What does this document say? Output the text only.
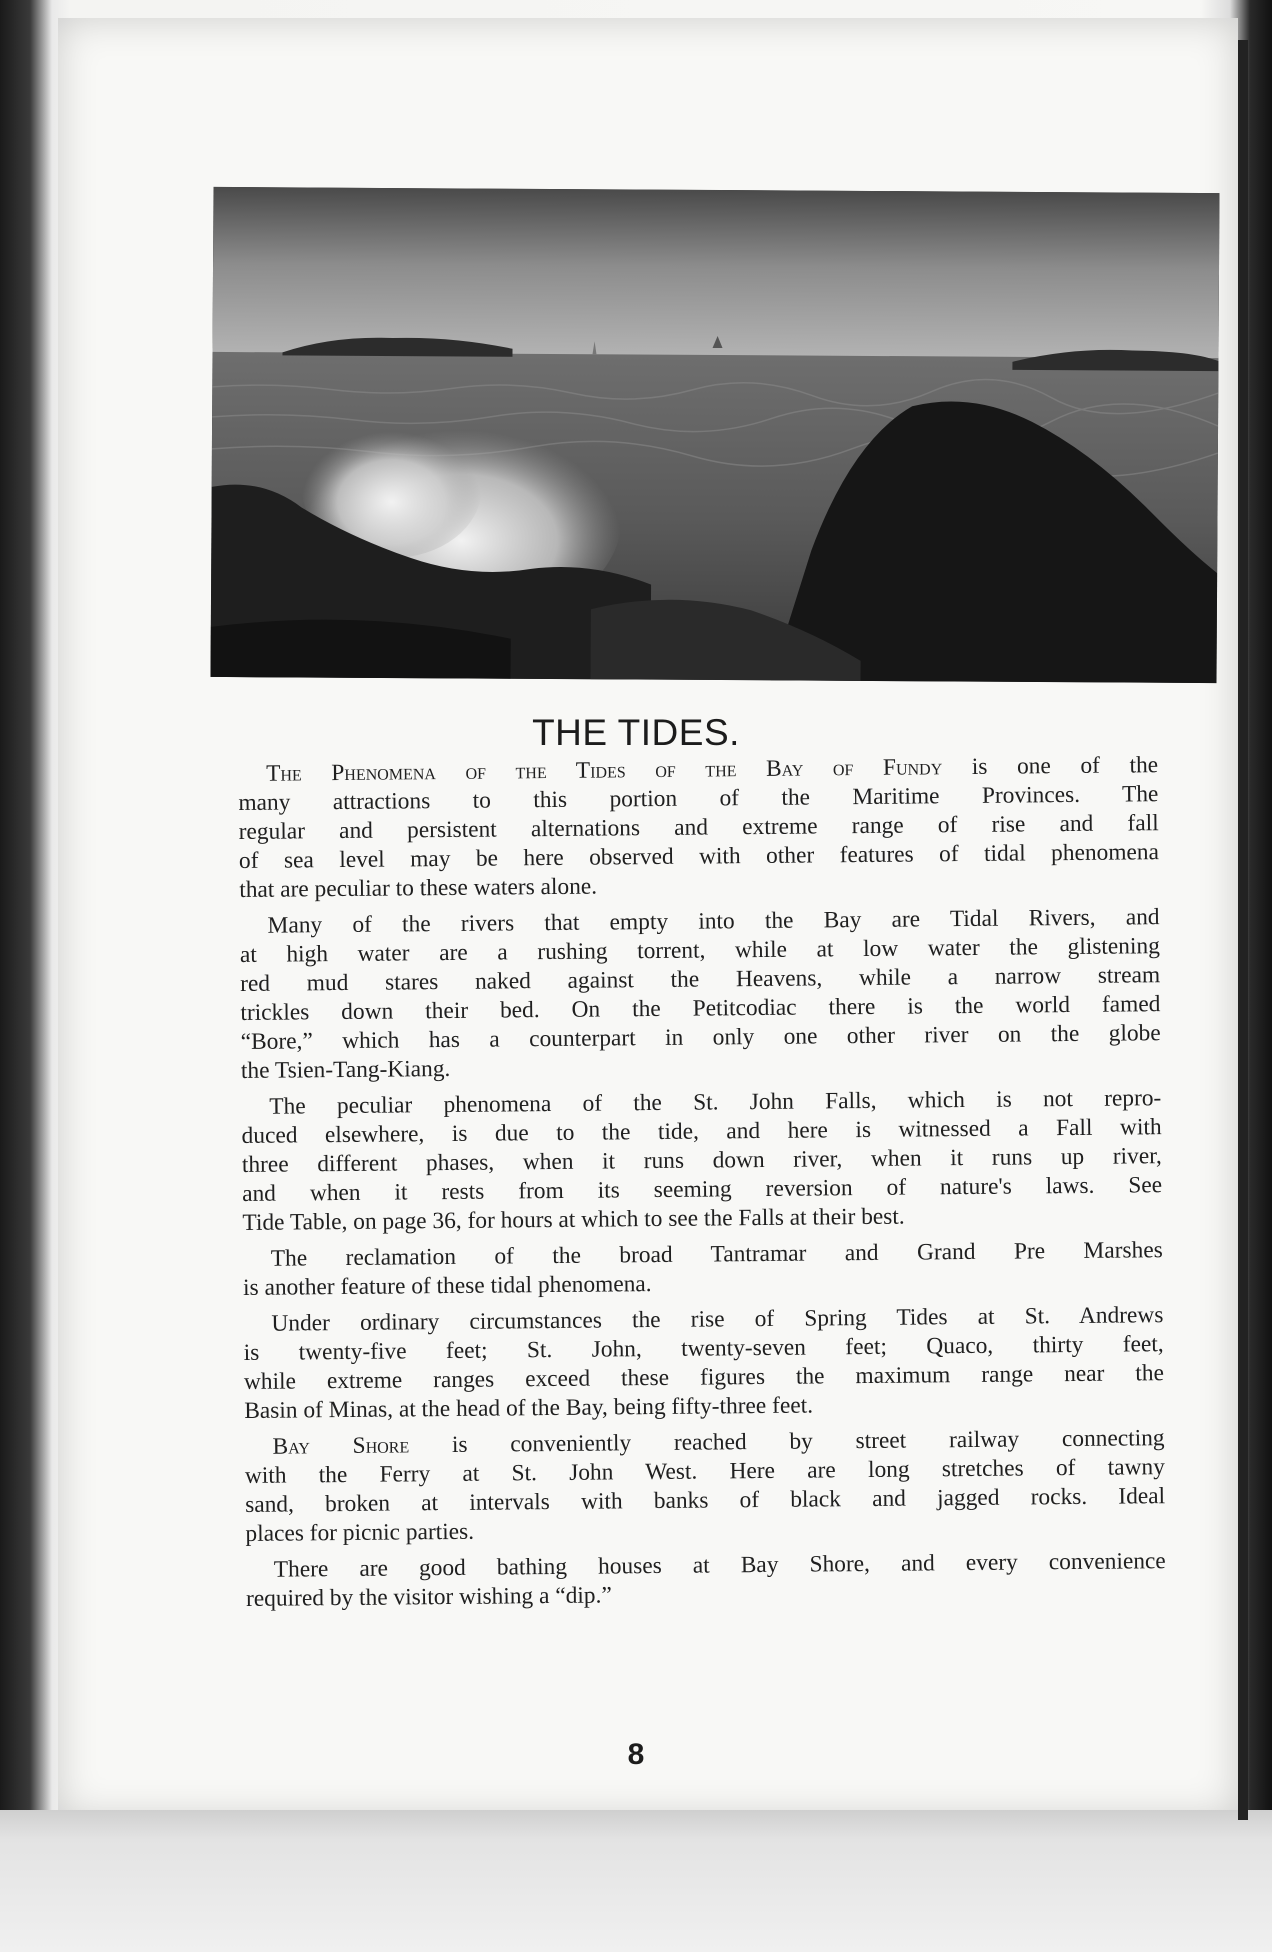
THE TIDES.
The Phenomena of the Tides of the Bay of Fundy is one of the
many attractions to this portion of the Maritime Provinces. The
regular and persistent alternations and extreme range of rise and fall
of sea level may be here observed with other features of tidal phenomena
that are peculiar to these waters alone.
Many of the rivers that empty into the Bay are Tidal Rivers, and
at high water are a rushing torrent, while at low water the glistening
red mud stares naked against the Heavens, while a narrow stream
trickles down their bed. On the Petitcodiac there is the world famed
“Bore,” which has a counterpart in only one other river on the globe
the Tsien-Tang-Kiang.
The peculiar phenomena of the St. John Falls, which is not repro-
duced elsewhere, is due to the tide, and here is witnessed a Fall with
three different phases, when it runs down river, when it runs up river,
and when it rests from its seeming reversion of nature's laws. See
Tide Table, on page 36, for hours at which to see the Falls at their best.
The reclamation of the broad Tantramar and Grand Pre Marshes
is another feature of these tidal phenomena.
Under ordinary circumstances the rise of Spring Tides at St. Andrews
is twenty-five feet; St. John, twenty-seven feet; Quaco, thirty feet,
while extreme ranges exceed these figures the maximum range near the
Basin of Minas, at the head of the Bay, being fifty-three feet.
Bay Shore is conveniently reached by street railway connecting
with the Ferry at St. John West. Here are long stretches of tawny
sand, broken at intervals with banks of black and jagged rocks. Ideal
places for picnic parties.
There are good bathing houses at Bay Shore, and every convenience
required by the visitor wishing a “dip.”
8
